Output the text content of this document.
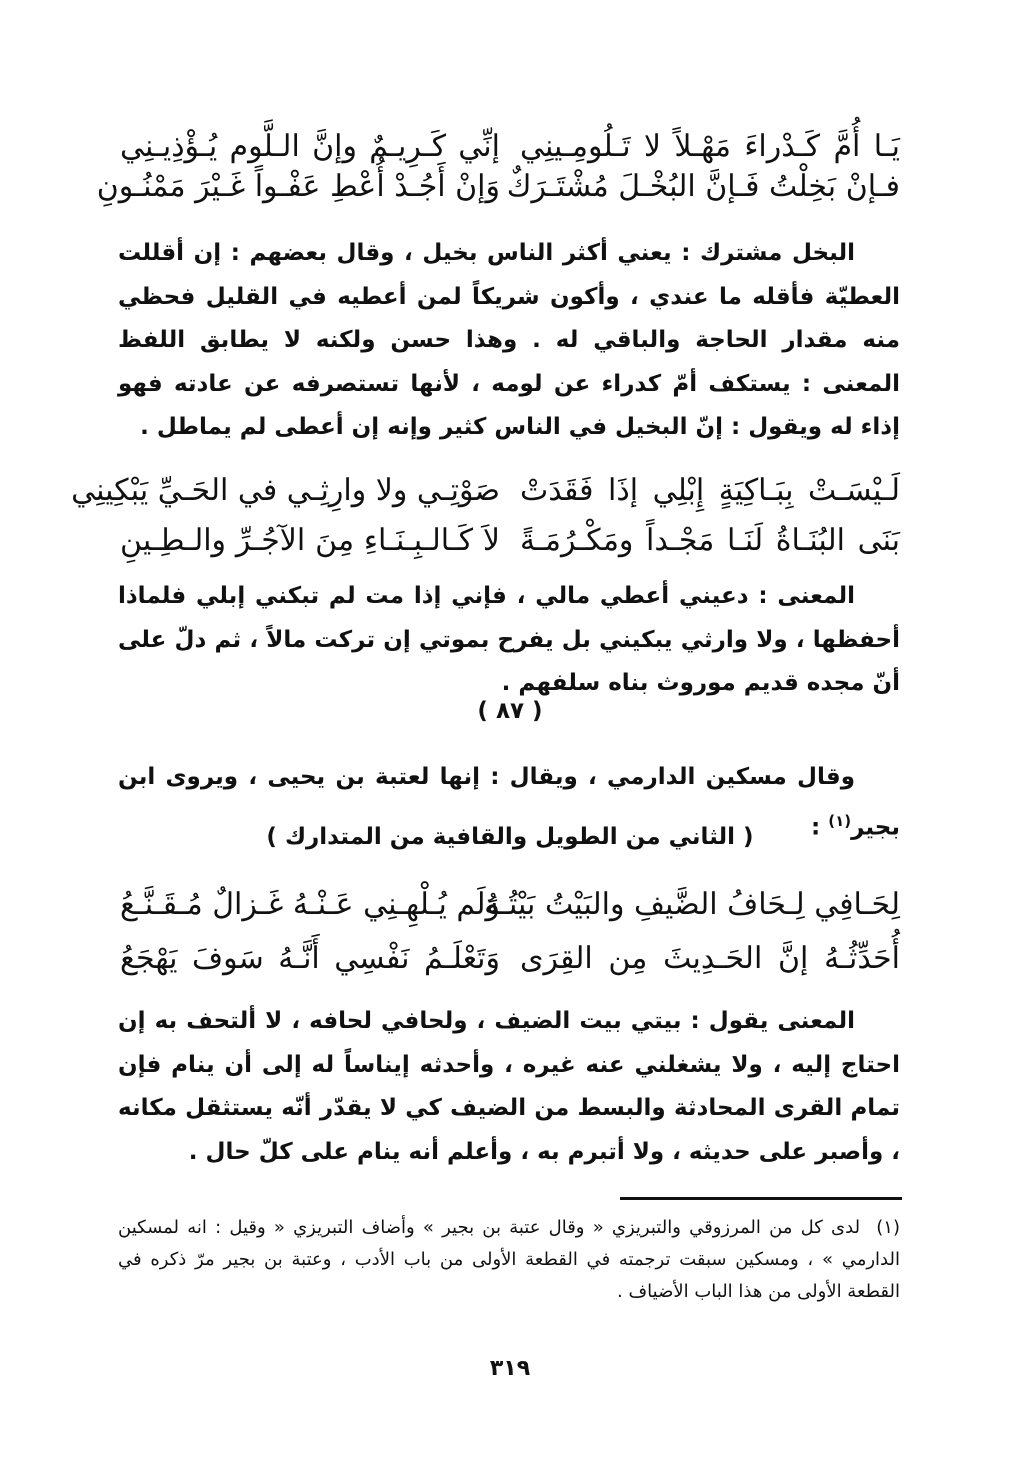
يَـا أُمَّ كَـدْراءَ مَهْـلاً لا تَـلُومِـينِي
إنِّي كَـرِيـمٌ وإنَّ الـلَّوم يُـؤْذِيـنِي
فـإنْ بَخِلْتُ فَـإنَّ البُخْـلَ مُشْتَـرَكٌ
وَإنْ أَجُـدْ أُعْطِ عَفْـواً غَـيْرَ مَمْنُـونِ

البخل مشترك : يعني أكثر الناس بخيل ، وقال بعضهم : إن أقللت العطيّة فأقله ما عندي ، وأكون شريكاً لمن أعطيه في القليل فحظي منه مقدار الحاجة والباقي له . وهذا حسن ولكنه لا يطابق اللفظ المعنى : يستكف أمّ كدراء عن لومه ، لأنها تستصرفه عن عادته فهو إذاء له ويقول : إنّ البخيل في الناس كثير وإنه إن أعطى لم يماطل .

لَـيْسَـتْ بِبَـاكِيَةٍ إِبْلِي إذَا فَقَدَتْ
صَوْتِـي ولا وارِثِـي في الحَـيِّ يَبْكِينِي
بَنَى البُنَـاةُ لَنَـا مَجْـداً ومَكْـرُمَـةً
لاَ كَـالـبِـنَـاءِ مِنَ الآجُـرِّ والـطِـينِ

المعنى : دعيني أعطي مالي ، فإني إذا مت لم تبكني إبلي فلماذا أحفظها ، ولا وارثي يبكيني بل يفرح بموتي إن تركت مالاً ، ثم دلّ على أنّ مجده قديم موروث بناه سلفهم .

( ٨٧ )

وقال مسكين الدارمي ، ويقال : إنها لعتبة بن يحيى ، ويروى ابن بجير$^{(١)}$ :

( الثاني من الطويل والقافية من المتدارك )
لِحَـافِي لِـحَافُ الضَّيفِ والبَيْتُ بَيْتُـهُ
وَلَم يُـلْهِـنِي عَـنْـهُ غَـزالٌ مُـقَـنَّـعُ
أُحَدِّثُـهُ إنَّ الحَـدِيثَ مِن القِرَى
وَتَعْلَـمُ نَفْسِي أَنَّـهُ سَوفَ يَهْجَعُ

المعنى يقول : بيتي بيت الضيف ، ولحافي لحافه ، لا ألتحف به إن احتاج إليه ، ولا يشغلني عنه غيره ، وأحدثه إيناساً له إلى أن ينام فإن تمام القرى المحادثة والبسط من الضيف كي لا يقدّر أنّه يستثقل مكانه ، وأصبر على حديثه ، ولا أتبرم به ، وأعلم أنه ينام على كلّ حال .

(١) لدى كل من المرزوقي والتبريزي « وقال عتبة بن بجير » وأضاف التبريزي « وقيل : انه لمسكين الدارمي » ، ومسكين سبقت ترجمته في القطعة الأولى من باب الأدب ، وعتبة بن بجير مرّ ذكره في القطعة الأولى من هذا الباب الأضياف .
٣١٩
